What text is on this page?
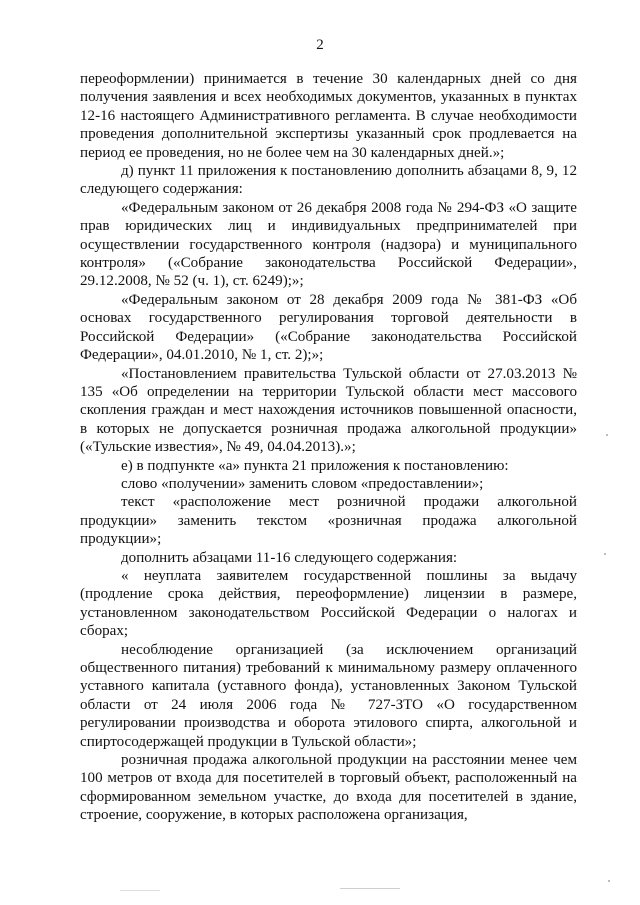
2

переоформлении) принимается в течение 30 календарных дней со дня получения заявления и всех необходимых документов, указанных в пунктах 12-16 настоящего Административного регламента. В случае необходимости проведения дополнительной экспертизы указанный срок продлевается на период ее проведения, но не более чем на 30 календарных дней.»;

д) пункт 11 приложения к постановлению дополнить абзацами 8, 9, 12 следующего содержания:

«Федеральным законом от 26 декабря 2008 года № 294-ФЗ «О защите прав юридических лиц и индивидуальных предпринимателей при осуществлении государственного контроля (надзора) и муниципального контроля» («Собрание законодательства Российской Федерации», 29.12.2008, № 52 (ч. 1), ст. 6249);»;

«Федеральным законом от 28 декабря 2009 года № 381-ФЗ «Об основах государственного регулирования торговой деятельности в Российской Федерации» («Собрание законодательства Российской Федерации», 04.01.2010, № 1, ст. 2);»;

«Постановлением правительства Тульской области от 27.03.2013 № 135 «Об определении на территории Тульской области мест массового скопления граждан и мест нахождения источников повышенной опасности, в которых не допускается розничная продажа алкогольной продукции» («Тульские известия», № 49, 04.04.2013).»;

е) в подпункте «а» пункта 21 приложения к постановлению:

слово «получении» заменить словом «предоставлении»;

текст «расположение мест розничной продажи алкогольной продукции» заменить текстом «розничная продажа алкогольной продукции»;

дополнить абзацами 11-16 следующего содержания:

« неуплата заявителем государственной пошлины за выдачу (продление срока действия, переоформление) лицензии в размере, установленном законодательством Российской Федерации о налогах и сборах;

несоблюдение организацией (за исключением организаций общественного питания) требований к минимальному размеру оплаченного уставного капитала (уставного фонда), установленных Законом Тульской области от 24 июля 2006 года № 727-ЗТО «О государственном регулировании производства и оборота этилового спирта, алкогольной и спиртосодержащей продукции в Тульской области»;

розничная продажа алкогольной продукции на расстоянии менее чем 100 метров от входа для посетителей в торговый объект, расположенный на сформированном земельном участке, до входа для посетителей в здание, строение, сооружение, в которых расположена организация,
